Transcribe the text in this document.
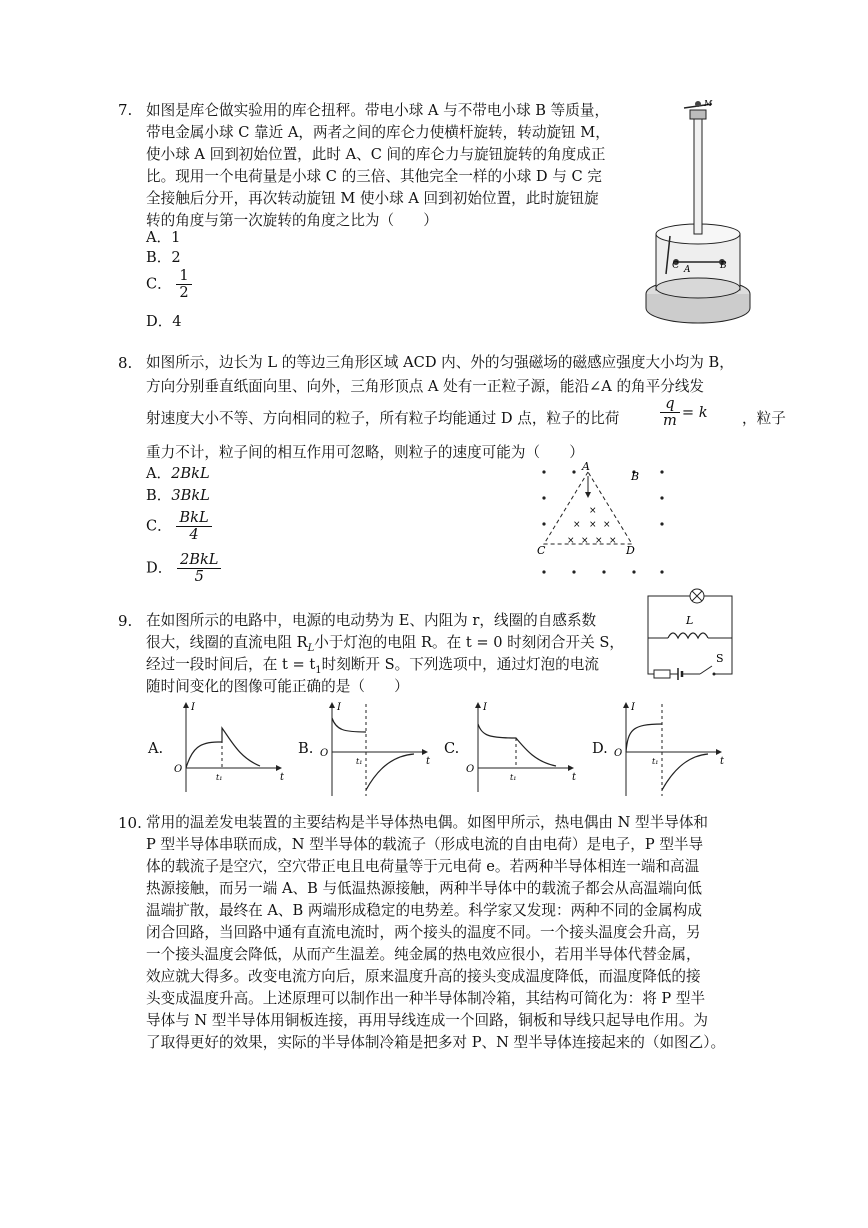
7. 如图是库仑做实验用的库仑扭秤。带电小球 A 与不带电小球 B 等质量，
带电金属小球 C 靠近 A，两者之间的库仑力使横杆旋转，转动旋钮 M，
使小球 A 回到初始位置，此时 A、C 间的库仑力与旋钮旋转的角度成正
比。现用一个电荷量是小球 C 的三倍、其他完全一样的小球 D 与 C 完
全接触后分开，再次转动旋钮 M 使小球 A 回到初始位置，此时旋钮旋
转的角度与第一次旋转的角度之比为（　　）
A．1
B．2
C． $\frac{1}{2}$
D．4
C A	B
M
8. 如图所示，边长为 L 的等边三角形区域 ACD 内、外的匀强磁场的磁感应强度大小均为 B，
方向分别垂直纸面向里、向外，三角形顶点 A 处有一正粒子源，能沿∠A 的角平分线发
射速度大小不等、方向相同的粒子，所有粒子均能通过 D 点，粒子的比荷	$\frac{q}{m} = k$ ，粒子
重力不计，粒子间的相互作用可忽略，则粒子的速度可能为（　　）
A．2BkL
B．3BkL
C． $\frac{\text{BkL}}{4}$
D． $\frac{\text{2BkL}}{5}$
×
× × ×
× × × ×
A
B
C	D
9. 在如图所示的电路中，电源的电动势为 E、内阻为 r，线圈的自感系数
很大，线圈的直流电阻 $R_L$小于灯泡的电阻 R。在 t = 0 时刻闭合开关 S，
经过一段时间后，在 $t = t_1$时刻断开 S。下列选项中，通过灯泡的电流
随时间变化的图像可能正确的是（　　）
L
S
A.
I
t
O
t₁
B.
I
t
O
t₁
C.
I
t
O
t₁
D.
I
t
O
t₁
10. 常用的温差发电装置的主要结构是半导体热电偶。如图甲所示，热电偶由 N 型半导体和
P 型半导体串联而成，N 型半导体的载流子（形成电流的自由电荷）是电子，P 型半导
体的载流子是空穴，空穴带正电且电荷量等于元电荷 e。若两种半导体相连一端和高温
热源接触，而另一端 A、B 与低温热源接触，两种半导体中的载流子都会从高温端向低
温端扩散，最终在 A、B 两端形成稳定的电势差。科学家又发现：两种不同的金属构成
闭合回路，当回路中通有直流电流时，两个接头的温度不同。一个接头温度会升高，另
一个接头温度会降低，从而产生温差。纯金属的热电效应很小，若用半导体代替金属，
效应就大得多。改变电流方向后，原来温度升高的接头变成温度降低，而温度降低的接
头变成温度升高。上述原理可以制作出一种半导体制冷箱，其结构可简化为：将 P 型半
导体与 N 型半导体用铜板连接，再用导线连成一个回路，铜板和导线只起导电作用。为
了取得更好的效果，实际的半导体制冷箱是把多对 P、N 型半导体连接起来的（如图乙）。
